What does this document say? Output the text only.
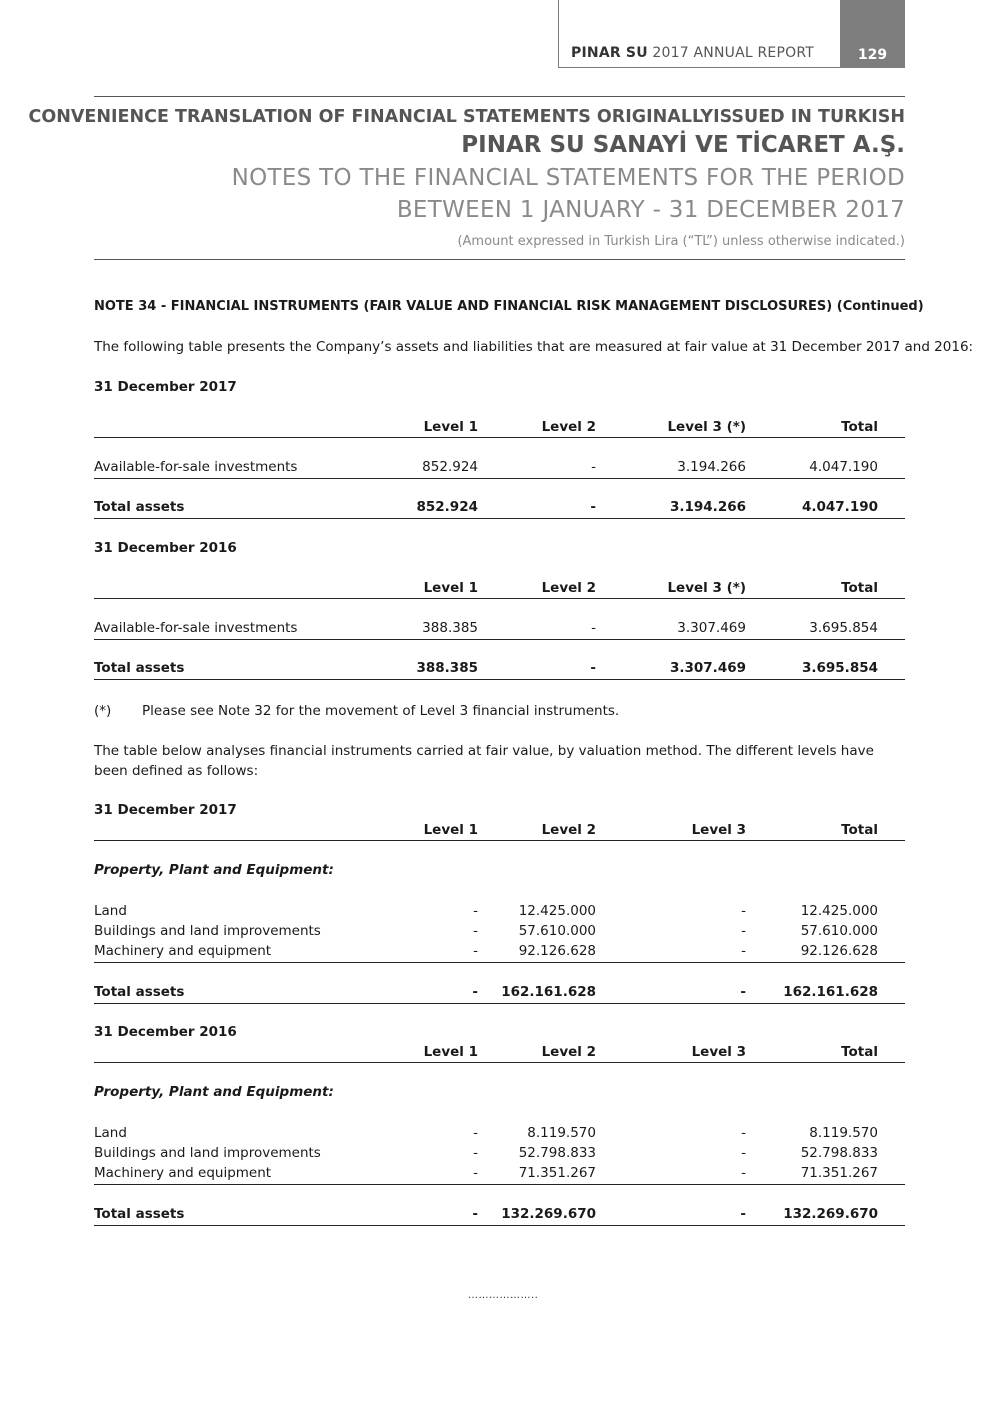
PINAR SU 2017 ANNUAL REPORT	129
CONVENIENCE TRANSLATION OF FINANCIAL STATEMENTS ORIGINALLYISSUED IN TURKISH
PINAR SU SANAYİ VE TİCARET A.Ş.
NOTES TO THE FINANCIAL STATEMENTS FOR THE PERIOD
BETWEEN 1 JANUARY - 31 DECEMBER 2017
(Amount expressed in Turkish Lira (“TL”) unless otherwise indicated.)
NOTE 34 - FINANCIAL INSTRUMENTS (FAIR VALUE AND FINANCIAL RISK MANAGEMENT DISCLOSURES) (Continued)
The following table presents the Company’s assets and liabilities that are measured at fair value at 31 December 2017 and 2016:
31 December 2017
Level 1	Level 2	Level 3 (*)	Total
Available-for-sale investments	852.924	-	3.194.266	4.047.190
Total assets	852.924	-	3.194.266	4.047.190
31 December 2016
Level 1	Level 2	Level 3 (*)	Total
Available-for-sale investments	388.385	-	3.307.469	3.695.854
Total assets	388.385	-	3.307.469	3.695.854
(*) Please see Note 32 for the movement of Level 3 financial instruments.
The table below analyses financial instruments carried at fair value, by valuation method. The different levels have been defined as follows:
31 December 2017
Level 1	Level 2	Level 3	Total
Property, Plant and Equipment:
Land	-	12.425.000	-	12.425.000
Buildings and land improvements	-	57.610.000	-	57.610.000
Machinery and equipment	-	92.126.628	-	92.126.628
Total assets	- 162.161.628	-	162.161.628
31 December 2016
Level 1	Level 2	Level 3	Total
Property, Plant and Equipment:
Land	-	8.119.570	-	8.119.570
Buildings and land improvements	-	52.798.833	-	52.798.833
Machinery and equipment	-	71.351.267	-	71.351.267
Total assets	- 132.269.670	-	132.269.670
………………..
